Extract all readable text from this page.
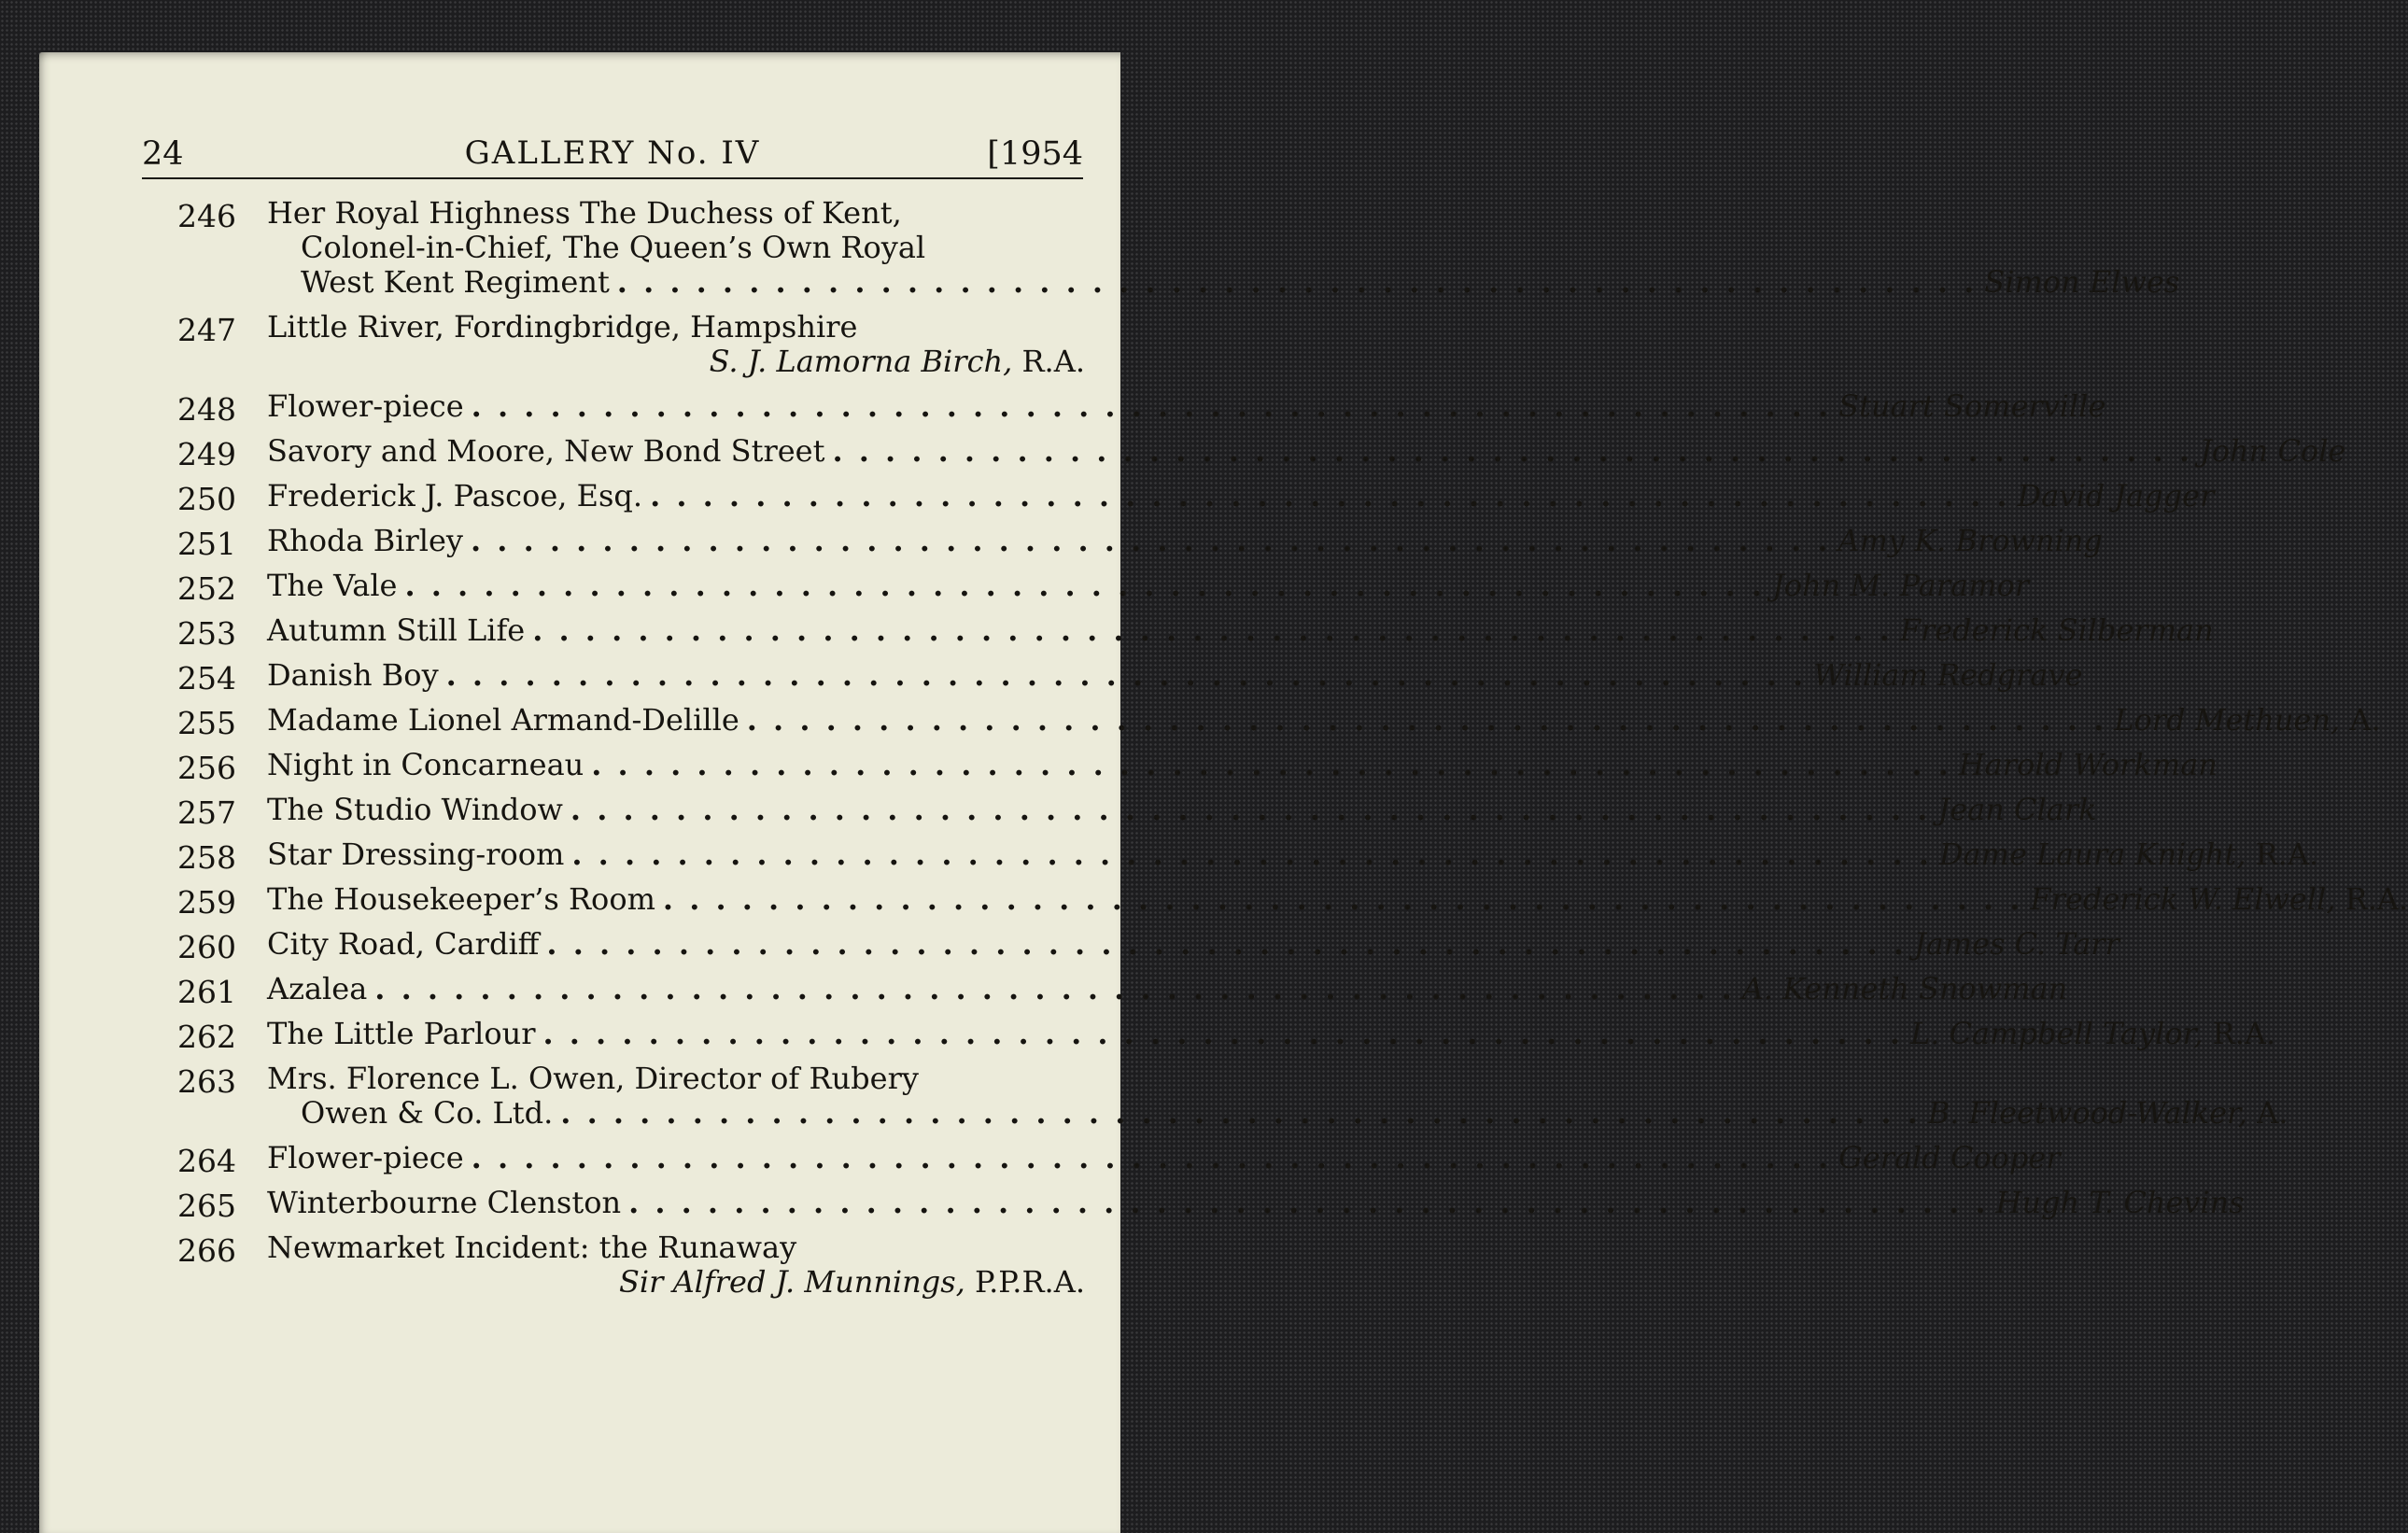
24	GALLERY No. IV	[1954
246 Her Royal Highness The Duchess of Kent,
Colonel-in-Chief, The Queen’s Own Royal
West Kent Regiment . . . . . . . . . . . . . . . . . . . . . . . . . . . . . . . . . . . . . . . . . . . . . . . . . . . . Simon Elwes
247 Little River, Fordingbridge, Hampshire
S. J. Lamorna Birch, R.A.
248 Flower-piece . . . . . . . . . . . . . . . . . . . . . . . . . . . . . . . . . . . . . . . . . . . . . . . . . . . . Stuart Somerville
249 Savory and Moore, New Bond Street . . . . . . . . . . . . . . . . . . . . . . . . . . . . . . . . . . . . . . . . . . . . . . . . . . . . John Cole
250 Frederick J. Pascoe, Esq. . . . . . . . . . . . . . . . . . . . . . . . . . . . . . . . . . . . . . . . . . . . . . . . . . . . . David Jagger
251 Rhoda Birley . . . . . . . . . . . . . . . . . . . . . . . . . . . . . . . . . . . . . . . . . . . . . . . . . . . . Amy K. Browning
252 The Vale . . . . . . . . . . . . . . . . . . . . . . . . . . . . . . . . . . . . . . . . . . . . . . . . . . . . John M. Paramor
253 Autumn Still Life . . . . . . . . . . . . . . . . . . . . . . . . . . . . . . . . . . . . . . . . . . . . . . . . . . . . Frederick Silberman
254 Danish Boy . . . . . . . . . . . . . . . . . . . . . . . . . . . . . . . . . . . . . . . . . . . . . . . . . . . . William Redgrave
255 Madame Lionel Armand-Delille . . . . . . . . . . . . . . . . . . . . . . . . . . . . . . . . . . . . . . . . . . . . . . . . . . . . Lord Methuen, A.
256 Night in Concarneau . . . . . . . . . . . . . . . . . . . . . . . . . . . . . . . . . . . . . . . . . . . . . . . . . . . . Harold Workman
257 The Studio Window . . . . . . . . . . . . . . . . . . . . . . . . . . . . . . . . . . . . . . . . . . . . . . . . . . . . Jean Clark
258 Star Dressing-room . . . . . . . . . . . . . . . . . . . . . . . . . . . . . . . . . . . . . . . . . . . . . . . . . . . . Dame Laura Knight, R.A.
259 The Housekeeper’s Room . . . . . . . . . . . . . . . . . . . . . . . . . . . . . . . . . . . . . . . . . . . . . . . . . . . . Frederick W. Elwell, R.A.
260 City Road, Cardiff . . . . . . . . . . . . . . . . . . . . . . . . . . . . . . . . . . . . . . . . . . . . . . . . . . . . James C. Tarr
261 Azalea . . . . . . . . . . . . . . . . . . . . . . . . . . . . . . . . . . . . . . . . . . . . . . . . . . . . A. Kenneth Snowman
262 The Little Parlour . . . . . . . . . . . . . . . . . . . . . . . . . . . . . . . . . . . . . . . . . . . . . . . . . . . . L. Campbell Taylor, R.A.
263 Mrs. Florence L. Owen, Director of Rubery
Owen & Co. Ltd. . . . . . . . . . . . . . . . . . . . . . . . . . . . . . . . . . . . . . . . . . . . . . . . . . . . . B. Fleetwood-Walker, A.
264 Flower-piece . . . . . . . . . . . . . . . . . . . . . . . . . . . . . . . . . . . . . . . . . . . . . . . . . . . . Gerald Cooper
265 Winterbourne Clenston . . . . . . . . . . . . . . . . . . . . . . . . . . . . . . . . . . . . . . . . . . . . . . . . . . . . Hugh T. Chevins
266 Newmarket Incident: the Runaway
Sir Alfred J. Munnings, P.P.R.A.
